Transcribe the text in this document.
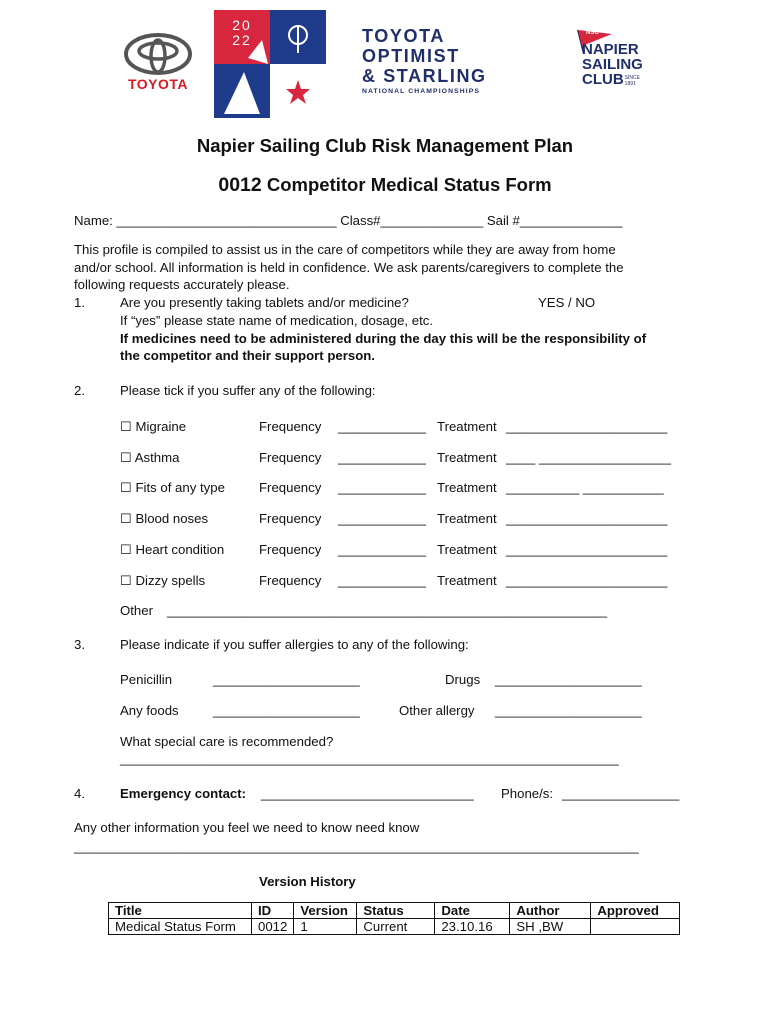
TOYOTA
20
22	TOYOTA
OPTIMIST
& STARLING
NATIONAL CHAMPIONSHIPS
NSC
NAPIER
SAILING
CLUB SINCE
1891
Napier Sailing Club Risk Management Plan
0012 Competitor Medical Status Form
Name: ______________________________ Class#______________ Sail #______________
This profile is compiled to assist us in the care of competitors while they are away from home
and/or school. All information is held in confidence. We ask parents/caregivers to complete the
following requests accurately please.
1.	Are you presently taking tablets and/or medicine?	YES / NO
If “yes” please state name of medication, dosage, etc.
If medicines need to be administered during the day this will be the responsibility of
the competitor and their support person.
2.	Please tick if you suffer any of the following:
☐ Migraine	Frequency ____________ Treatment ______________________
☐ Asthma	Frequency ____________ Treatment ____ __________________
☐ Fits of any type	Frequency ____________ Treatment __________ ___________
☐ Blood noses	Frequency ____________ Treatment ______________________
☐ Heart condition	Frequency ____________ Treatment ______________________
☐ Dizzy spells	Frequency ____________ Treatment ______________________
Other ____________________________________________________________
3.	Please indicate if you suffer allergies to any of the following:
Penicillin	____________________	Drugs ____________________
Any foods	____________________	Other allergy ____________________
What special care is recommended?
____________________________________________________________________
4.	Emergency contact: _____________________________ Phone/s: ________________
Any other information you feel we need to know need know
_____________________________________________________________________________
Version History
Title	ID	Version	Status	Date	Author	Approved
Medical Status Form	0012	1	Current	23.10.16	SH ,BW	
